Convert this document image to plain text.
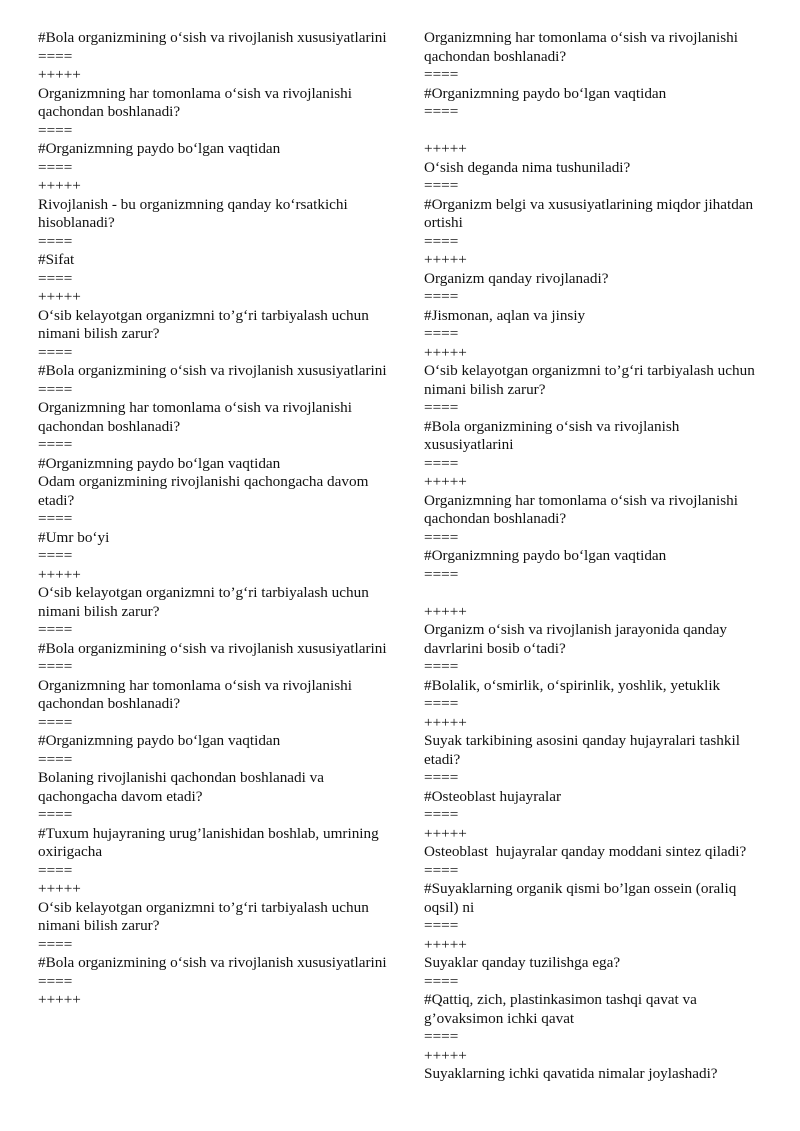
#Bola organizmining o‘sish va rivojlanish xususiyatlarini

====

+++++

Organizmning har tomonlama o‘sish va rivojlanishi qachondan boshlanadi?

====

#Organizmning paydo bo‘lgan vaqtidan

====

+++++

Rivojlanish - bu organizmning qanday ko‘rsatkichi hisoblanadi?

====

#Sifat

====

+++++

O‘sib kelayotgan organizmni to’g‘ri tarbiyalash uchun nimani bilish zarur?

====

#Bola organizmining o‘sish va rivojlanish xususiyatlarini

====

Organizmning har tomonlama o‘sish va rivojlanishi qachondan boshlanadi?

====

#Organizmning paydo bo‘lgan vaqtidan

Odam organizmining rivojlanishi qachongacha davom etadi?

====

#Umr bo‘yi

====

+++++

O‘sib kelayotgan organizmni to’g‘ri tarbiyalash uchun nimani bilish zarur?

====

#Bola organizmining o‘sish va rivojlanish xususiyatlarini

====

Organizmning har tomonlama o‘sish va rivojlanishi qachondan boshlanadi?

====

#Organizmning paydo bo‘lgan vaqtidan

====

Bolaning rivojlanishi qachondan boshlanadi va qachongacha davom etadi?

====

#Tuxum hujayraning urug’lanishidan boshlab, umrining oxirigacha

====

+++++

O‘sib kelayotgan organizmni to’g‘ri tarbiyalash uchun nimani bilish zarur?

====

#Bola organizmining o‘sish va rivojlanish xususiyatlarini

====

+++++

Organizmning har tomonlama o‘sish va rivojlanishi qachondan boshlanadi?

====

#Organizmning paydo bo‘lgan vaqtidan

====

+++++

O‘sish deganda nima tushuniladi?

====

#Organizm belgi va xususiyatlarining miqdor jihatdan ortishi

====

+++++

Organizm qanday rivojlanadi?

====

#Jismonan, aqlan va jinsiy

====

+++++

O‘sib kelayotgan organizmni to’g‘ri tarbiyalash uchun nimani bilish zarur?

====

#Bola organizmining o‘sish va rivojlanish xususiyatlarini

====

+++++

Organizmning har tomonlama o‘sish va rivojlanishi qachondan boshlanadi?

====

#Organizmning paydo bo‘lgan vaqtidan

====

+++++

Organizm o‘sish va rivojlanish jarayonida qanday davrlarini bosib o‘tadi?

====

#Bolalik, o‘smirlik, o‘spirinlik, yoshlik, yetuklik

====

+++++

Suyak tarkibining asosini qanday hujayralari tashkil etadi?

====

#Osteoblast hujayralar

====

+++++

Osteoblast  hujayralar qanday moddani sintez qiladi?

====

#Suyaklarning organik qismi bo’lgan ossein (oraliq oqsil) ni

====

+++++

Suyaklar qanday tuzilishga ega?

====

#Qattiq, zich, plastinkasimon tashqi qavat va g’ovaksimon ichki qavat

====

+++++

Suyaklarning ichki qavatida nimalar joylashadi?
